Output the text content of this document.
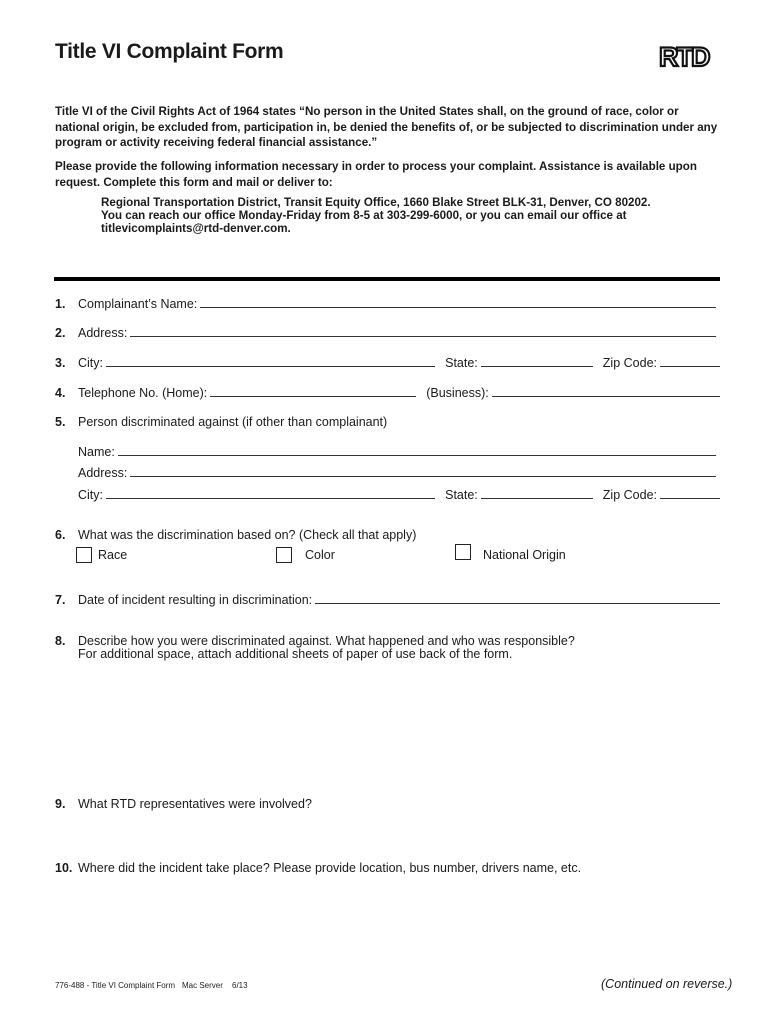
Title VI Complaint Form	RTD
Title VI of the Civil Rights Act of 1964 states “No person in the United States shall, on the ground of race, color or national origin, be excluded from, participation in, be denied the benefits of, or be subjected to discrimination under any program or activity receiving federal financial assistance.”
Please provide the following information necessary in order to process your complaint. Assistance is available upon request. Complete this form and mail or deliver to:
Regional Transportation District, Transit Equity Office, 1660 Blake Street BLK-31, Denver, CO 80202. You can reach our office Monday-Friday from 8-5 at 303-299-6000, or you can email our office at titlevicomplaints@rtd-denver.com.
1.	Complainant’s Name:
2.	Address:
3.	City:	State:	Zip Code:
4.	Telephone No. (Home):	(Business):
5.	Person discriminated against (if other than complainant)
Name:
Address:
City:	State:	Zip Code:
6.	What was the discrimination based on? (Check all that apply)
Race	Color	National Origin
7.	Date of incident resulting in discrimination:
8.	Describe how you were discriminated against. What happened and who was responsible?
For additional space, attach additional sheets of paper of use back of the form.
9.	What RTD representatives were involved?
10. Where did the incident take place? Please provide location, bus number, drivers name, etc.
776-488 - Title VI Complaint Form Mac Server 6/13	(Continued on reverse.)
